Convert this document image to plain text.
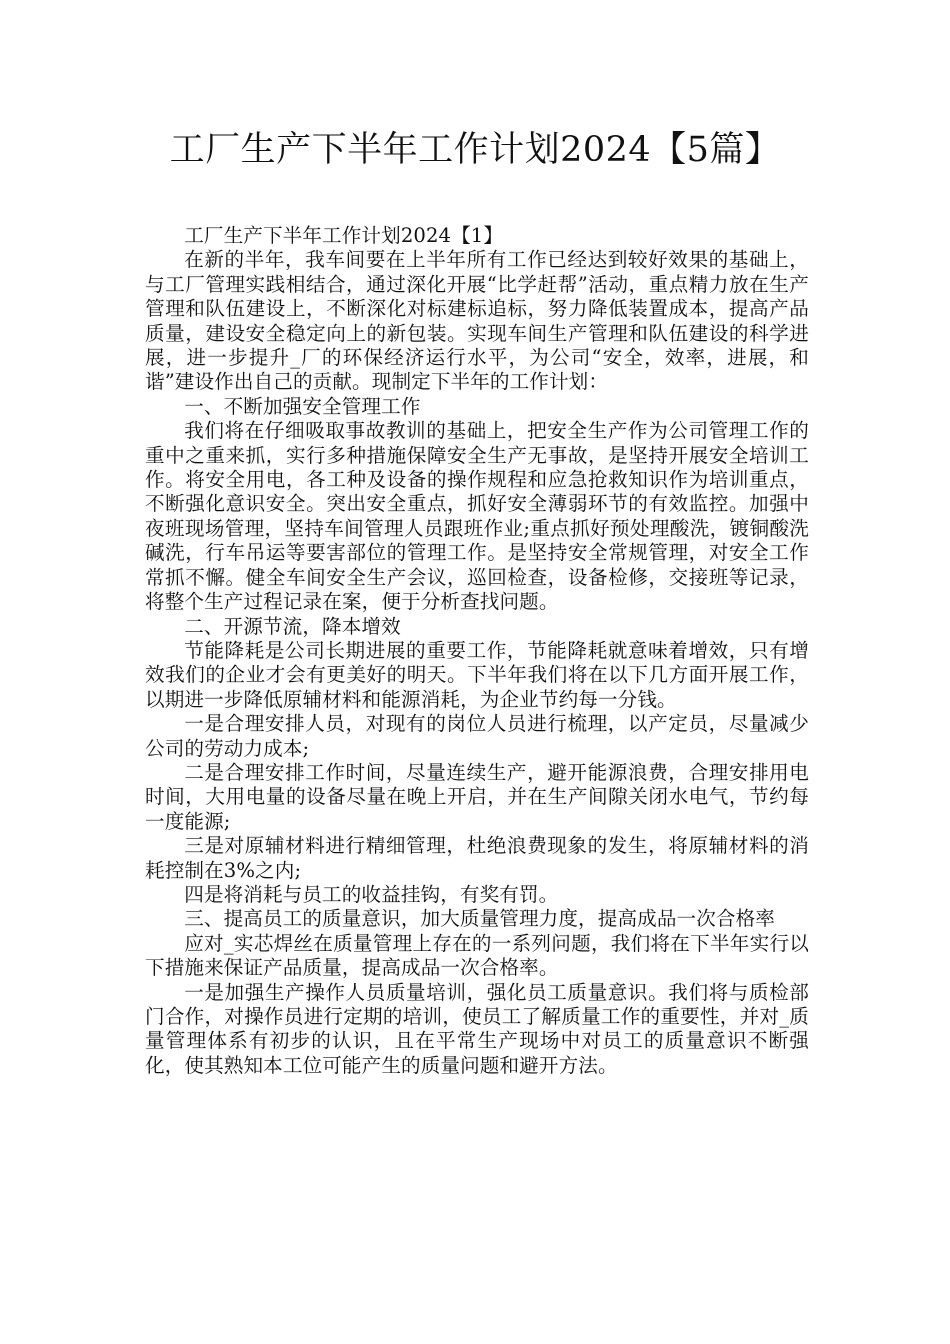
工厂生产下半年工作计划2024【5篇】

工厂生产下半年工作计划2024【1】

在新的半年，我车间要在上半年所有工作已经达到较好效果的基础上，与工厂管理实践相结合，通过深化开展“比学赶帮”活动，重点精力放在生产管理和队伍建设上，不断深化对标建标追标，努力降低装置成本，提高产品质量，建设安全稳定向上的新包装。实现车间生产管理和队伍建设的科学进展，进一步提升_厂的环保经济运行水平，为公司“安全，效率，进展，和谐”建设作出自己的贡献。现制定下半年的工作计划：

一、不断加强安全管理工作

我们将在仔细吸取事故教训的基础上，把安全生产作为公司管理工作的重中之重来抓，实行多种措施保障安全生产无事故，是坚持开展安全培训工作。将安全用电，各工种及设备的操作规程和应急抢救知识作为培训重点，不断强化意识安全。突出安全重点，抓好安全薄弱环节的有效监控。加强中夜班现场管理，坚持车间管理人员跟班作业;重点抓好预处理酸洗，镀铜酸洗碱洗，行车吊运等要害部位的管理工作。是坚持安全常规管理，对安全工作常抓不懈。健全车间安全生产会议，巡回检查，设备检修，交接班等记录，将整个生产过程记录在案，便于分析查找问题。

二、开源节流，降本增效

节能降耗是公司长期进展的重要工作，节能降耗就意味着增效，只有增效我们的企业才会有更美好的明天。下半年我们将在以下几方面开展工作，以期进一步降低原辅材料和能源消耗，为企业节约每一分钱。

一是合理安排人员，对现有的岗位人员进行梳理，以产定员，尽量减少公司的劳动力成本;

二是合理安排工作时间，尽量连续生产，避开能源浪费，合理安排用电时间，大用电量的设备尽量在晚上开启，并在生产间隙关闭水电气，节约每一度能源;

三是对原辅材料进行精细管理，杜绝浪费现象的发生，将原辅材料的消耗控制在3%之内;

四是将消耗与员工的收益挂钩，有奖有罚。

三、提高员工的质量意识，加大质量管理力度，提高成品一次合格率

应对_实芯焊丝在质量管理上存在的一系列问题，我们将在下半年实行以下措施来保证产品质量，提高成品一次合格率。

一是加强生产操作人员质量培训，强化员工质量意识。我们将与质检部门合作，对操作员进行定期的培训，使员工了解质量工作的重要性，并对_质量管理体系有初步的认识，且在平常生产现场中对员工的质量意识不断强化，使其熟知本工位可能产生的质量问题和避开方法。
